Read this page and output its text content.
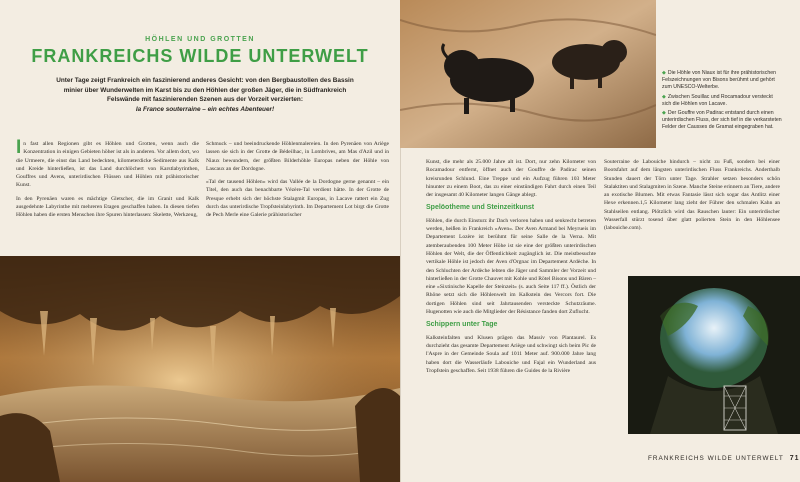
HÖHLEN UND GROTTEN
FRANKREICHS WILDE UNTERWELT
Unter Tage zeigt Frankreich ein faszinierend anderes Gesicht: von den Bergbaustollen des Bassin minier über Wunderwelten im Karst bis zu den Höhlen der großen Jäger, die in Südfrankreich Felswände mit faszinierenden Szenen aus der Vorzeit verzierten:
la France souterraine – ein echtes Abenteuer!

In fast allen Regionen gibt es Höhlen und Grotten, wenn auch die Konzentration in einigen Gebieten höher ist als in anderen. Vor allem dort, wo die Urmeere, die einst das Land bedeckten, kilometerdicke Sedimente aus Kalk und Kreide hinterließen, ist das Land durchlöchert von Karstlabyrinthen, Gouffres und Avens, unterirdischen Flüssen und Höhlen mit prähistorischer Kunst.

In den Pyrenäen waren es mächtige Gletscher, die im Granit und Kalk ausgedehnte Labyrinthe mit mehreren Etagen geschaffen haben. In diesen tiefen Höhlen haben die ersten Menschen ihre Spuren hinterlassen: Skelette, Werkzeug,

Schmuck – und beeindruckende Höhlenmalereien. In den Pyrenäen von Ariège lassen sie sich in der Grotte de Bédeilhac, in Lombrives, am Mas d'Azil und in Niaux bewundern, der größten Bilderhöhle Europas neben der Höhle von Lascaux an der Dordogne.

»Tal der tausend Höhlen« wird das Vallée de la Dordogne gerne genannt – ein Titel, den auch das benachbarte Vézère-Tal verdient hätte. In der Grotte de Presque erhebt sich der höchste Stalagmit Europas, in Lacave rattert ein Zug durch das unterirdische Tropfsteinlabyrinth. Im Departement Lot birgt die Grotte de Pech Merle eine Galerie prähistorischer

◆ Die Höhle von Niaux ist für ihre prähistorischen Felszeichnungen von Bisons berühmt und gehört zum UNESCO-Welterbe.
◆ Zwischen Souillac und Rocamadour versteckt sich die Höhlen von Lacave.
◆ Der Gouffre von Padirac entstand durch einen unterirdischen Fluss, der sich tief in die verkarsteten Felder der Causses de Gramat eingegraben hat.

Kunst, die mehr als 25.000 Jahre alt ist. Dort, nur zehn Kilometer von Rocamadour entfernt, öffnet auch der Gouffre de Padirac seinen kreisrunden Schlund. Eine Treppe und ein Aufzug führen 103 Meter hinunter zu einem Boot, das zu einer einstündigen Fahrt durch einen Teil der insgesamt 40 Kilometer langen Gänge ablegt.

Spelöotheme und Steinzeitkunst

Höhlen, die durch Einsturz ihr Dach verloren haben und senkrecht betreten werden, heißen in Frankreich »Aven«. Der Aven Armand bei Meyrueis im Departement Lozère ist berühmt für seine Salle de la Verna. Mit atemberaubenden 100 Meter Höhe ist sie eine der größten unterirdischen Höhlen der Welt, die der Öffentlichkeit zugänglich ist. Die meistbesuchte vertikale Höhle ist jedoch der Aven d'Orgnac im Departement Ardèche. In den Schluchten der Ardèche lebten die Jäger und Sammler der Vorzeit und hinterließen in der Grotte Chauvet mit Kohle und Rötel Bisons und Bären – eine »Sixtinische Kapelle der Steinzeit« (s. auch Seite 117 ff.). Östlich der Rhône setzt sich die Höhlenwelt im Kalkstein des Vercors fort. Die dortigen Höhlen sind seit Jahrtausenden versteckte Schutzräume. Hugenotten wie auch die Mitglieder der Résistance fanden dort Zuflucht.

Schippern unter Tage

Kalksteinfalten und Klusen prägen das Massiv von Plantaurel. Es durchzieht das gesamte Departement Ariège und schwingt sich beim Pic de l'Aspre in der Gemeinde Soula auf 1011 Meter auf. 900.000 Jahre lang haben dort die Wasserläufe Labouiche und Fajal ein Wunderland aus Tropfstein geschaffen. Seit 1938 führen die Guides de la Rivière

Souterraine de Labouiche hindurch – nicht zu Fuß, sondern bei einer Bootsfahrt auf dem längsten unterirdischen Fluss Frankreichs. Anderthalb Stunden dauert der Törn unter Tage. Strahler setzen besonders schön Stalaktiten und Stalagmiten in Szene. Manche Steine erinnern an Tiere, andere an exotische Blumen. Mit etwas Fantasie lässt sich sogar das Antlitz einer Hexe erkennen.1,5 Kilometer lang zieht der Führer den schmalen Kahn an Stahlseilen entlang. Plötzlich wird das Rauschen lauter: Ein unterirdischer Wasserfall stürzt tosend über glatt polierten Stein in den Höhlensee (labouiche.com).

FRANKREICHS WILDE UNTERWELT 71
